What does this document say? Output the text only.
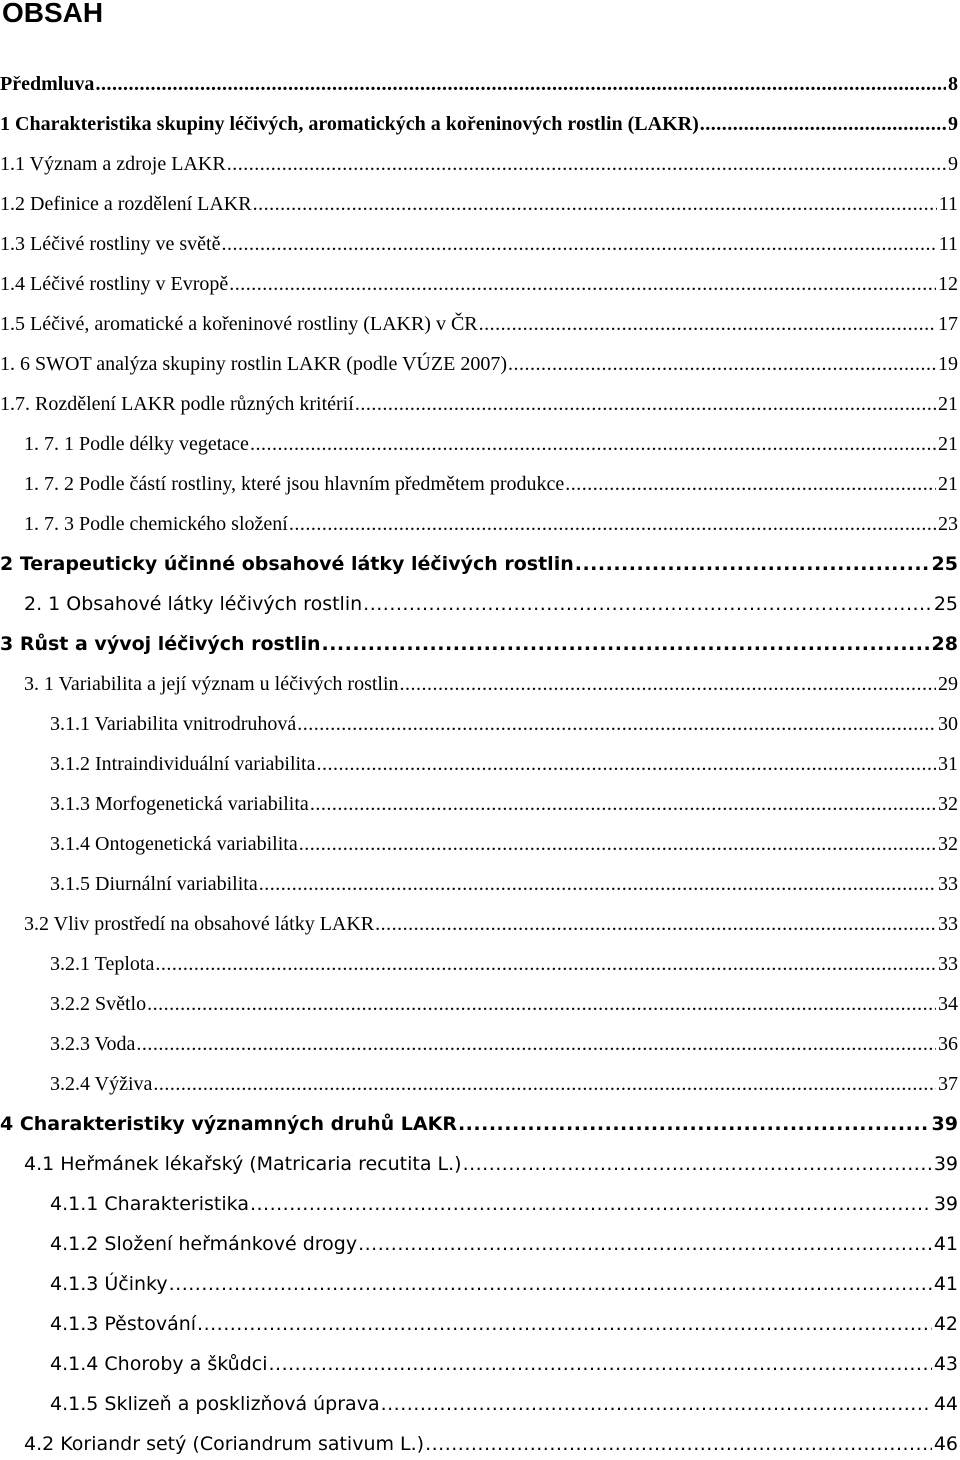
OBSAH
Předmluva .....	8
1 Charakteristika skupiny léčivých, aromatických a kořeninových rostlin (LAKR) .....	9
1.1 Význam a zdroje LAKR .....	9
1.2 Definice a rozdělení LAKR .....	11
1.3 Léčivé rostliny ve světě .....	11
1.4 Léčivé rostliny v Evropě .....	12
1.5 Léčivé, aromatické a kořeninové rostliny (LAKR) v ČR .....	17
1. 6 SWOT analýza skupiny rostlin LAKR (podle VÚZE 2007) .....	19
1.7. Rozdělení LAKR podle různých kritérií .....	21
1. 7. 1 Podle délky vegetace .....	21
1. 7. 2 Podle částí rostliny, které jsou hlavním předmětem produkce .....	21
1. 7. 3 Podle chemického složení .....	23
2 Terapeuticky účinné obsahové látky léčivých rostlin .....	25
2. 1 Obsahové látky léčivých rostlin .....	25
3 Růst a vývoj léčivých rostlin .....	28
3. 1 Variabilita a její význam u léčivých rostlin .....	29
3.1.1 Variabilita vnitrodruhová .....	30
3.1.2 Intraindividuální variabilita .....	31
3.1.3 Morfogenetická variabilita .....	32
3.1.4 Ontogenetická variabilita .....	32
3.1.5 Diurnální variabilita .....	33
3.2 Vliv prostředí na obsahové látky LAKR .....	33
3.2.1 Teplota .....	33
3.2.2 Světlo .....	34
3.2.3 Voda .....	36
3.2.4 Výživa .....	37
4 Charakteristiky významných druhů LAKR .....	39
4.1 Heřmánek lékařský (Matricaria recutita L.) .....	39
4.1.1 Charakteristika .....	39
4.1.2 Složení heřmánkové drogy .....	41
4.1.3 Účinky .....	41
4.1.3 Pěstování .....	42
4.1.4 Choroby a škůdci .....	43
4.1.5 Sklizeň a posklizňová úprava .....	44
4.2 Koriandr setý (Coriandrum sativum L.) .....	46
